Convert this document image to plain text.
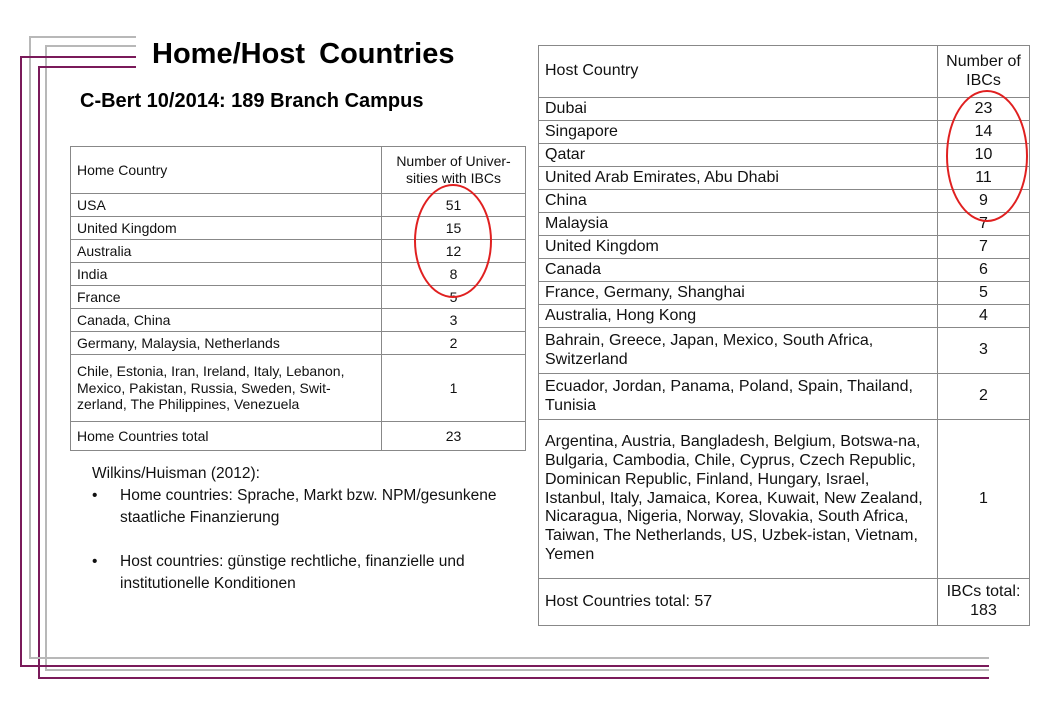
Home/Host Countries
C-Bert 10/2014: 189 Branch Campus
Home Country	Number of Univer-sities with IBCs
USA	51
United Kingdom	15
Australia	12
India	8
France	5
Canada, China	3
Germany, Malaysia, Netherlands	2
Chile, Estonia, Iran, Ireland, Italy, Lebanon, Mexico, Pakistan, Russia, Sweden, Swit-zerland, The Philippines, Venezuela	1
Home Countries total	23
Host Country	Number of IBCs
Dubai	23
Singapore	14
Qatar	10
United Arab Emirates, Abu Dhabi	11
China	9
Malaysia	7
United Kingdom	7
Canada	6
France, Germany, Shanghai	5
Australia, Hong Kong	4
Bahrain, Greece, Japan, Mexico, South Africa, Switzerland	3
Ecuador, Jordan, Panama, Poland, Spain, Thailand, Tunisia	2
Argentina, Austria, Bangladesh, Belgium, Botswa-na, Bulgaria, Cambodia, Chile, Cyprus, Czech Republic, Dominican Republic, Finland, Hungary, Israel, Istanbul, Italy, Jamaica, Korea, Kuwait, New Zealand, Nicaragua, Nigeria, Norway, Slovakia, South Africa, Taiwan, The Netherlands, US, Uzbek-istan, Vietnam, Yemen	1
Host Countries total: 57	IBCs total: 183
Wilkins/Huisman (2012):
• Home countries: Sprache, Markt bzw. NPM/gesunkene staatliche Finanzierung
• Host countries: günstige rechtliche, finanzielle und institutionelle Konditionen
